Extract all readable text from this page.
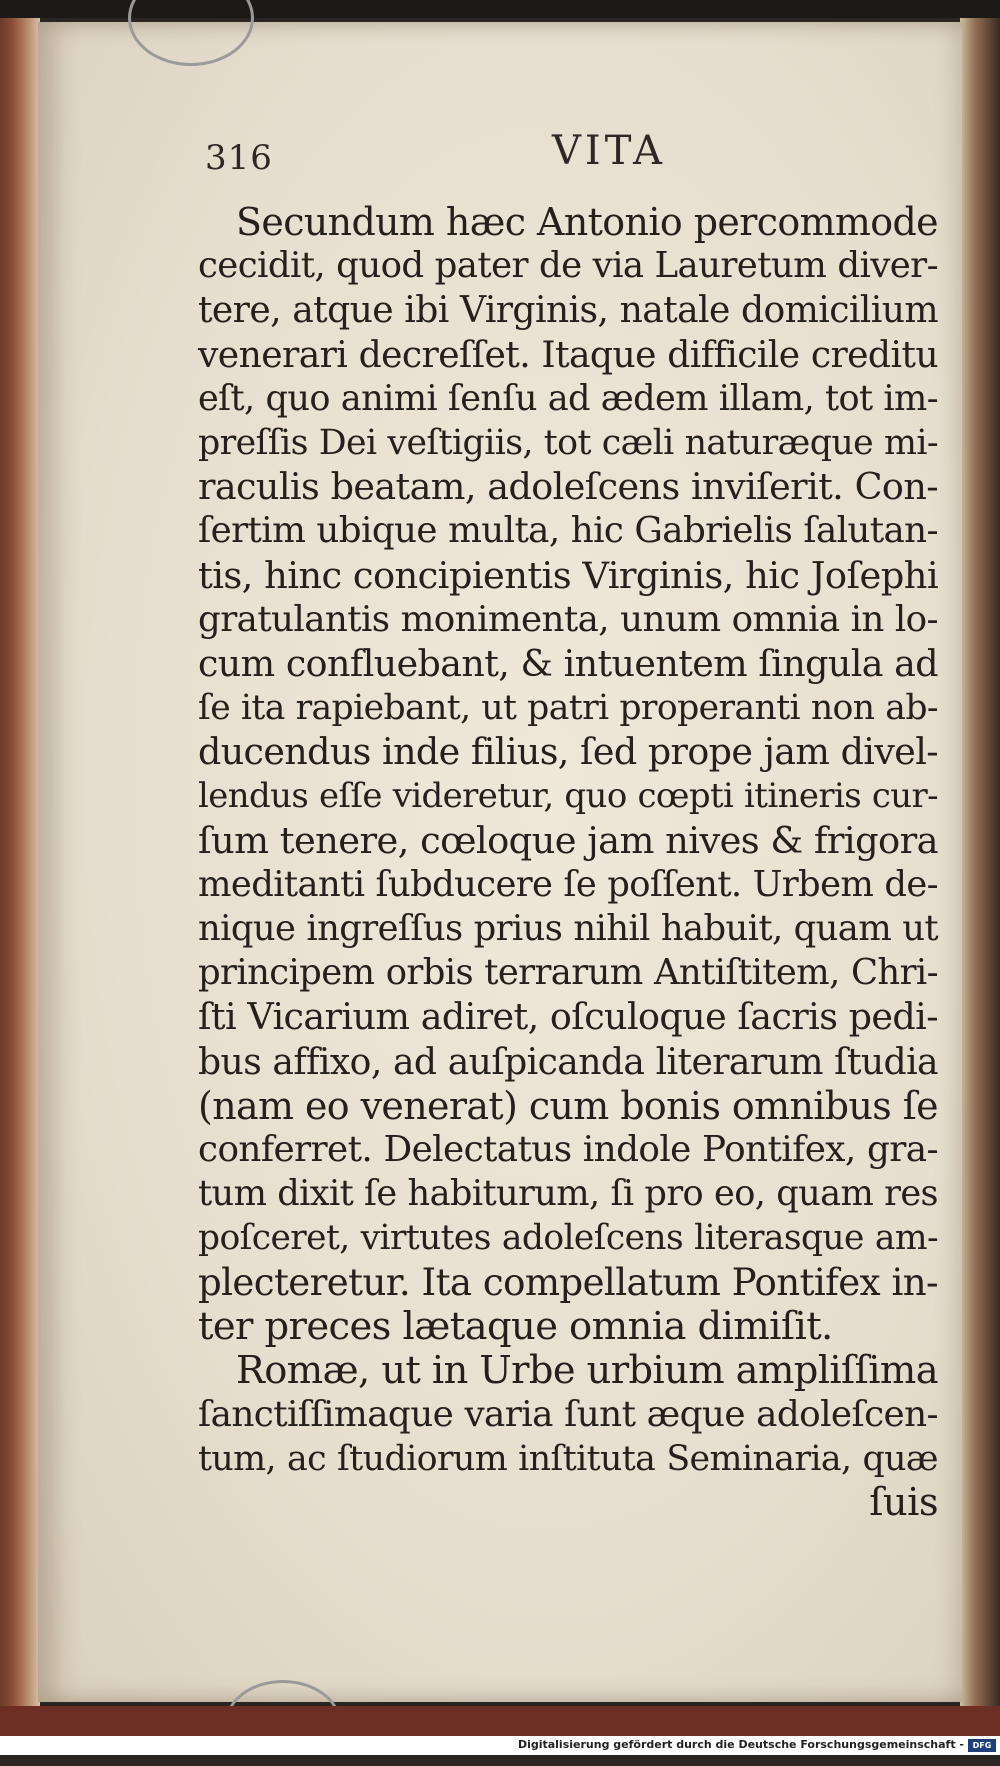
316	VITA
Secundum hæc Antonio percommode
cecidit, quod pater de via Lauretum diver-
tere, atque ibi Virginis, natale domicilium
venerari decreſſet. Itaque difficile creditu
eſt, quo animi ſenſu ad ædem illam, tot im-
preſſis Dei veſtigiis, tot cæli naturæque mi-
raculis beatam, adoleſcens inviſerit. Con-
ſertim ubique multa, hic Gabrielis ſalutan-
tis, hinc concipientis Virginis, hic Joſephi
gratulantis monimenta, unum omnia in lo-
cum confluebant, & intuentem ſingula ad
ſe ita rapiebant, ut patri properanti non ab-
ducendus inde filius, ſed prope jam divel-
lendus eſſe videretur, quo cœpti itineris cur-
ſum tenere, cœloque jam nives & frigora
meditanti ſubducere ſe poſſent. Urbem de-
nique ingreſſus prius nihil habuit, quam ut
principem orbis terrarum Antiſtitem, Chri-
ſti Vicarium adiret, oſculoque ſacris pedi-
bus affixo, ad auſpicanda literarum ſtudia
(nam eo venerat) cum bonis omnibus ſe
conferret. Delectatus indole Pontifex, gra-
tum dixit ſe habiturum, ſi pro eo, quam res
poſceret, virtutes adoleſcens literasque am-
plecteretur. Ita compellatum Pontifex in-
ter preces lætaque omnia dimiſit.
Romæ, ut in Urbe urbium ampliſſima
ſanctiſſimaque varia ſunt æque adoleſcen-
tum, ac ſtudiorum inſtituta Seminaria, quæ
ſuis
Digitalisierung gefördert durch die Deutsche Forschungsgemeinschaft -	DFG
